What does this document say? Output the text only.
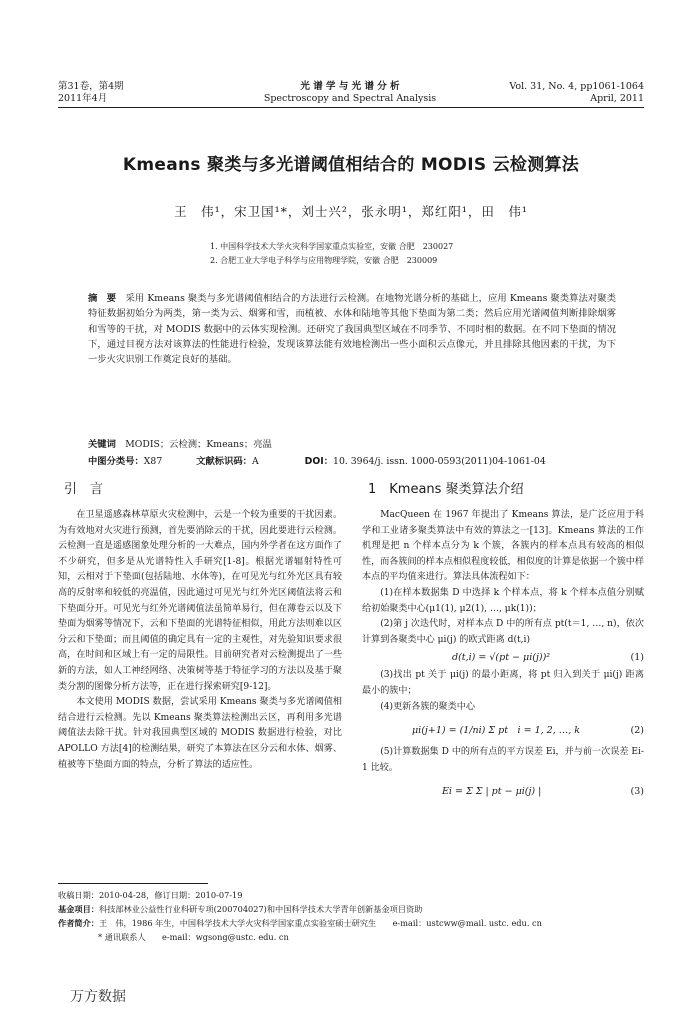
第31卷，第4期
2011年4月
光 谱 学 与 光 谱 分 析
Spectroscopy and Spectral Analysis
Vol. 31, No. 4, pp1061-1064
April, 2011
Kmeans 聚类与多光谱阈值相结合的 MODIS 云检测算法
王　伟¹，宋卫国¹*，刘士兴²，张永明¹，郑红阳¹，田　伟¹
1. 中国科学技术大学火灾科学国家重点实验室，安徽 合肥　230027
2. 合肥工业大学电子科学与应用物理学院，安徽 合肥　230009
摘　要　 采用 Kmeans 聚类与多光谱阈值相结合的方法进行云检测。在地物光谱分析的基础上，应用 Kmeans 聚类算法对聚类特征数据初始分为两类，第一类为云、烟雾和雪，而植被、水体和陆地等其他下垫面为第二类；然后应用光谱阈值判断排除烟雾和雪等的干扰，对 MODIS 数据中的云体实现检测。还研究了我国典型区域在不同季节、不同时相的数据。在不同下垫面的情况下，通过目视方法对该算法的性能进行检验，发现该算法能有效地检测出一些小面积云点像元，并且排除其他因素的干扰，为下一步火灾识别工作奠定良好的基础。
关键词　 MODIS；云检测；Kmeans；亮温
中图分类号：X87	文献标识码：A	DOI：10. 3964/j. issn. 1000-0593(2011)04-1061-04
引　言

在卫星遥感森林草原火灾检测中，云是一个较为重要的干扰因素。为有效地对火灾进行预测，首先要消除云的干扰，因此要进行云检测。云检测一直是遥感图象处理分析的一大难点，国内外学者在这方面作了不少研究，但多是从光谱特性入手研究[1-8]。根据光谱辐射特性可知，云相对于下垫面(包括陆地、水体等)，在可见光与红外光区具有较高的反射率和较低的亮温值，因此通过可见光与红外光区阈值法将云和下垫面分开。可见光与红外光谱阈值法虽简单易行，但在薄卷云以及下垫面为烟雾等情况下，云和下垫面的光谱特征相似，用此方法则难以区分云和下垫面；而且阈值的确定具有一定的主观性，对先验知识要求很高，在时间和区域上有一定的局限性。目前研究者对云检测提出了一些新的方法，如人工神经网络、决策树等基于特征学习的方法以及基于聚类分割的图像分析方法等，正在进行探索研究[9-12]。

本文使用 MODIS 数据，尝试采用 Kmeans 聚类与多光谱阈值相结合进行云检测。先以 Kmeans 聚类算法检测出云区，再利用多光谱阈值法去除干扰。针对我国典型区域的 MODIS 数据进行检验，对比 APOLLO 方法[4]的检测结果，研究了本算法在区分云和水体、烟雾、植被等下垫面方面的特点，分析了算法的适应性。

1　Kmeans 聚类算法介绍

MacQueen 在 1967 年提出了 Kmeans 算法，是广泛应用于科学和工业诸多聚类算法中有效的算法之一[13]。Kmeans 算法的工作机理是把 n 个样本点分为 k 个簇，各簇内的样本点具有较高的相似性，而各簇间的样本点相似程度较低，相似度的计算是依据一个簇中样本点的平均值来进行。算法具体流程如下：

(1)在样本数据集 D 中选择 k 个样本点，将 k 个样本点值分别赋给初始聚类中心(μ1(1), μ2(1), …, μk(1))；

(2)第 j 次迭代时，对样本点 D 中的所有点 pt(t＝1, …, n)，依次计算到各聚类中心 μi(j) 的欧式距离 d(t,i)

d(t,i) = √(pt − μi(j))²	(1)

(3)找出 pt 关于 μi(j) 的最小距离，将 pt 归入到关于 μi(j) 距离最小的簇中；

(4)更新各簇的聚类中心

μi(j+1) = (1/ni) Σ pt　i = 1, 2, …, k	(2)

(5)计算数据集 D 中的所有点的平方误差 Ei，并与前一次误差 Ei-1 比较。

Ei = Σ Σ | pt − μi(j) |	(3)
收稿日期：2010-04-28，修订日期：2010-07-19
基金项目：科技部林业公益性行业科研专项(200704027)和中国科学技术大学青年创新基金项目资助
作者简介：王　伟，1986 年生，中国科学技术大学火灾科学国家重点实验室硕士研究生　　e-mail：ustcww@mail. ustc. edu. cn
* 通讯联系人　　e-mail：wgsong@ustc. edu. cn
万方数据
